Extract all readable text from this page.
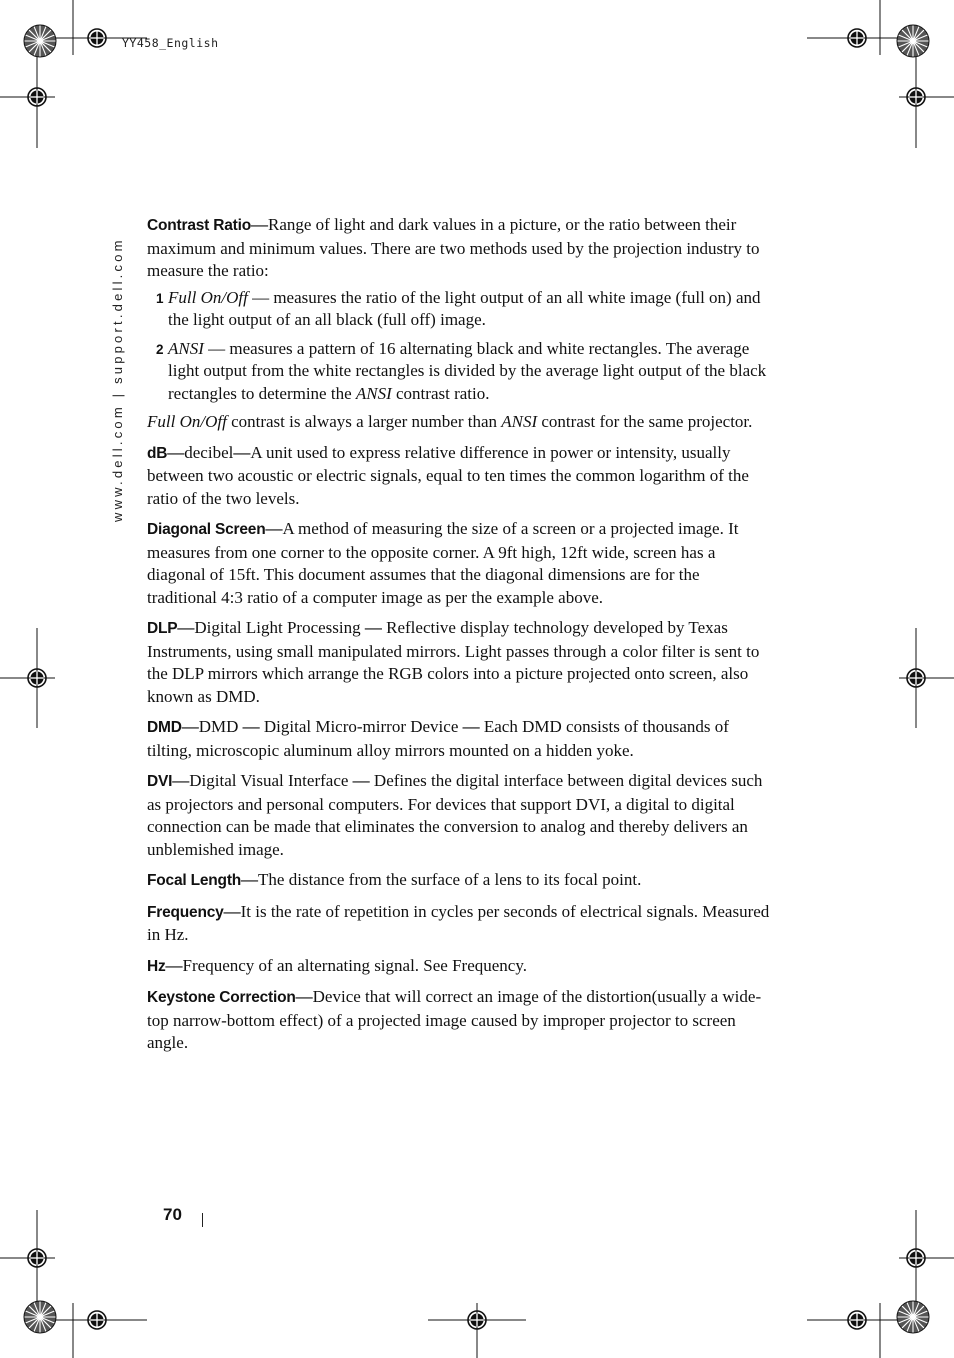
YY458_English
www.dell.com | support.dell.com
Contrast Ratio—Range of light and dark values in a picture, or the ratio between their maximum and minimum values. There are two methods used by the projection industry to measure the ratio:
1 Full On/Off — measures the ratio of the light output of an all white image (full on) and the light output of an all black (full off) image.
2 ANSI — measures a pattern of 16 alternating black and white rectangles. The average light output from the white rectangles is divided by the average light output of the black rectangles to determine the ANSI contrast ratio.
Full On/Off contrast is always a larger number than ANSI contrast for the same projector.
dB—decibel—A unit used to express relative difference in power or intensity, usually between two acoustic or electric signals, equal to ten times the common logarithm of the ratio of the two levels.
Diagonal Screen—A method of measuring the size of a screen or a projected image. It measures from one corner to the opposite corner. A 9ft high, 12ft wide, screen has a diagonal of 15ft. This document assumes that the diagonal dimensions are for the traditional 4:3 ratio of a computer image as per the example above.
DLP—Digital Light Processing — Reflective display technology developed by Texas Instruments, using small manipulated mirrors. Light passes through a color filter is sent to the DLP mirrors which arrange the RGB colors into a picture projected onto screen, also known as DMD.
DMD—DMD — Digital Micro-mirror Device — Each DMD consists of thousands of tilting, microscopic aluminum alloy mirrors mounted on a hidden yoke.
DVI—Digital Visual Interface — Defines the digital interface between digital devices such as projectors and personal computers. For devices that support DVI, a digital to digital connection can be made that eliminates the conversion to analog and thereby delivers an unblemished image.
Focal Length—The distance from the surface of a lens to its focal point.
Frequency—It is the rate of repetition in cycles per seconds of electrical signals. Measured in Hz.
Hz—Frequency of an alternating signal. See Frequency.
Keystone Correction—Device that will correct an image of the distortion(usually a wide-top narrow-bottom effect) of a projected image caused by improper projector to screen angle.
70
